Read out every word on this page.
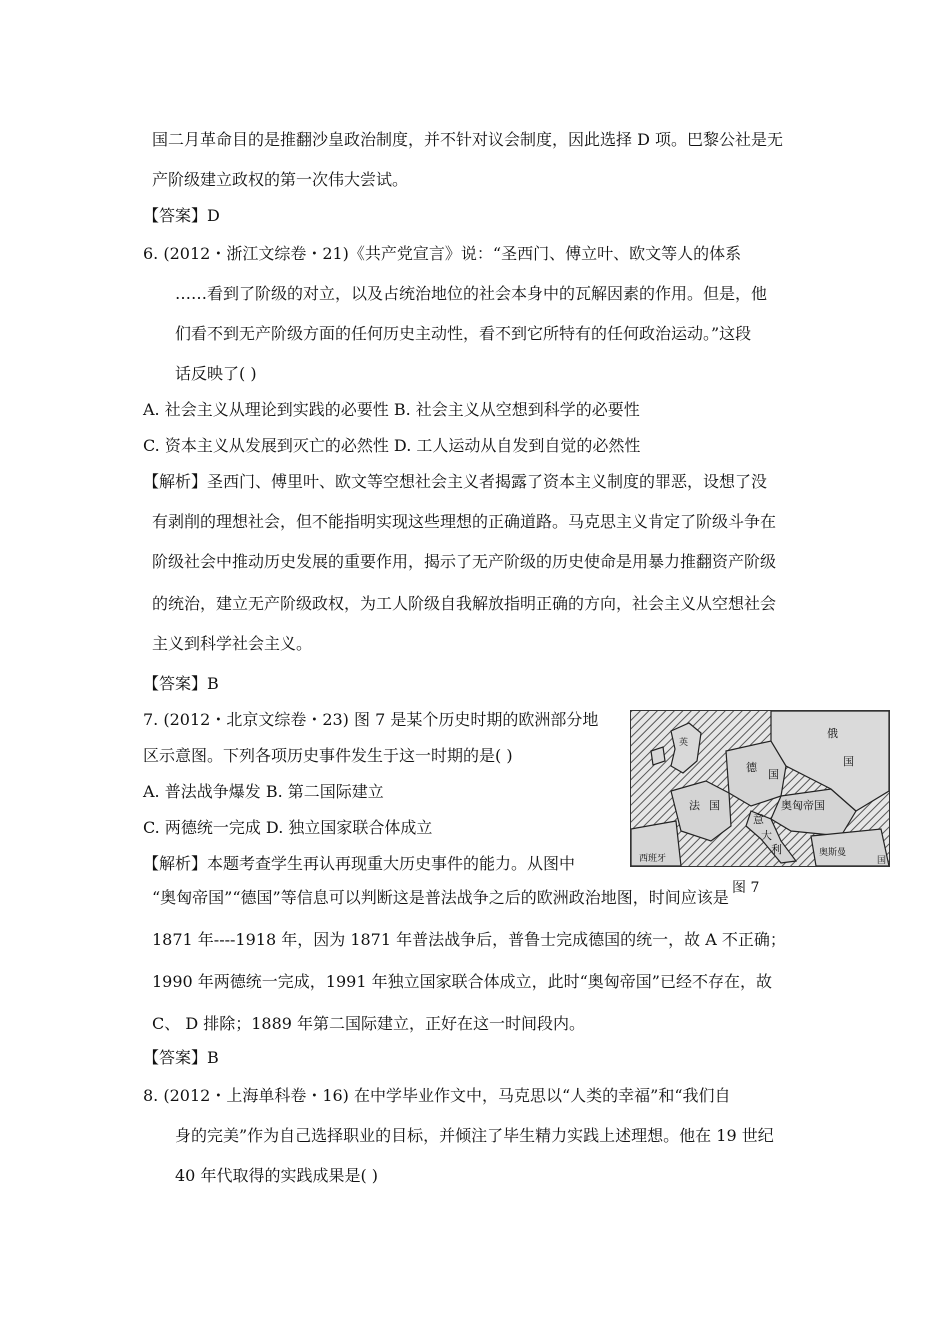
国二月革命目的是推翻沙皇政治制度，并不针对议会制度，因此选择 D 项。巴黎公社是无
产阶级建立政权的第一次伟大尝试。
【答案】D
6. (2012・浙江文综卷・21)《共产党宣言》说：“圣西门、傅立叶、欧文等人的体系
……看到了阶级的对立，以及占统治地位的社会本身中的瓦解因素的作用。但是，他
们看不到无产阶级方面的任何历史主动性，看不到它所特有的任何政治运动。”这段
话反映了( )
A. 社会主义从理论到实践的必要性 B. 社会主义从空想到科学的必要性
C. 资本主义从发展到灭亡的必然性 D. 工人运动从自发到自觉的必然性
【解析】圣西门、傅里叶、欧文等空想社会主义者揭露了资本主义制度的罪恶，设想了没
有剥削的理想社会，但不能指明实现这些理想的正确道路。马克思主义肯定了阶级斗争在
阶级社会中推动历史发展的重要作用，揭示了无产阶级的历史使命是用暴力推翻资产阶级
的统治，建立无产阶级政权，为工人阶级自我解放指明正确的方向，社会主义从空想社会
主义到科学社会主义。
【答案】B
7. (2012・北京文综卷・23) 图 7 是某个历史时期的欧洲部分地
区示意图。下列各项历史事件发生于这一时期的是( )
A. 普法战争爆发 B. 第二国际建立
C. 两德统一完成 D. 独立国家联合体成立
【解析】本题考查学生再认再现重大历史事件的能力。从图中
“奥匈帝国”“德国”等信息可以判断这是普法战争之后的欧洲政治地图，时间应该是
1871 年----1918 年，因为 1871 年普法战争后，普鲁士完成德国的统一，故 A 不正确；
1990 年两德统一完成，1991 年独立国家联合体成立，此时“奥匈帝国”已经不存在，故
C、 D 排除；1889 年第二国际建立，正好在这一时间段内。
【答案】B
8. (2012・上海单科卷・16) 在中学毕业作文中，马克思以“人类的幸福”和“我们自
身的完美”作为自己选择职业的目标，并倾注了毕生精力实践上述理想。他在 19 世纪
40 年代取得的实践成果是( )
俄
国
德
国
法 国	奥匈帝国
意
大
利
西班牙
英
奥斯曼
国
图 7
